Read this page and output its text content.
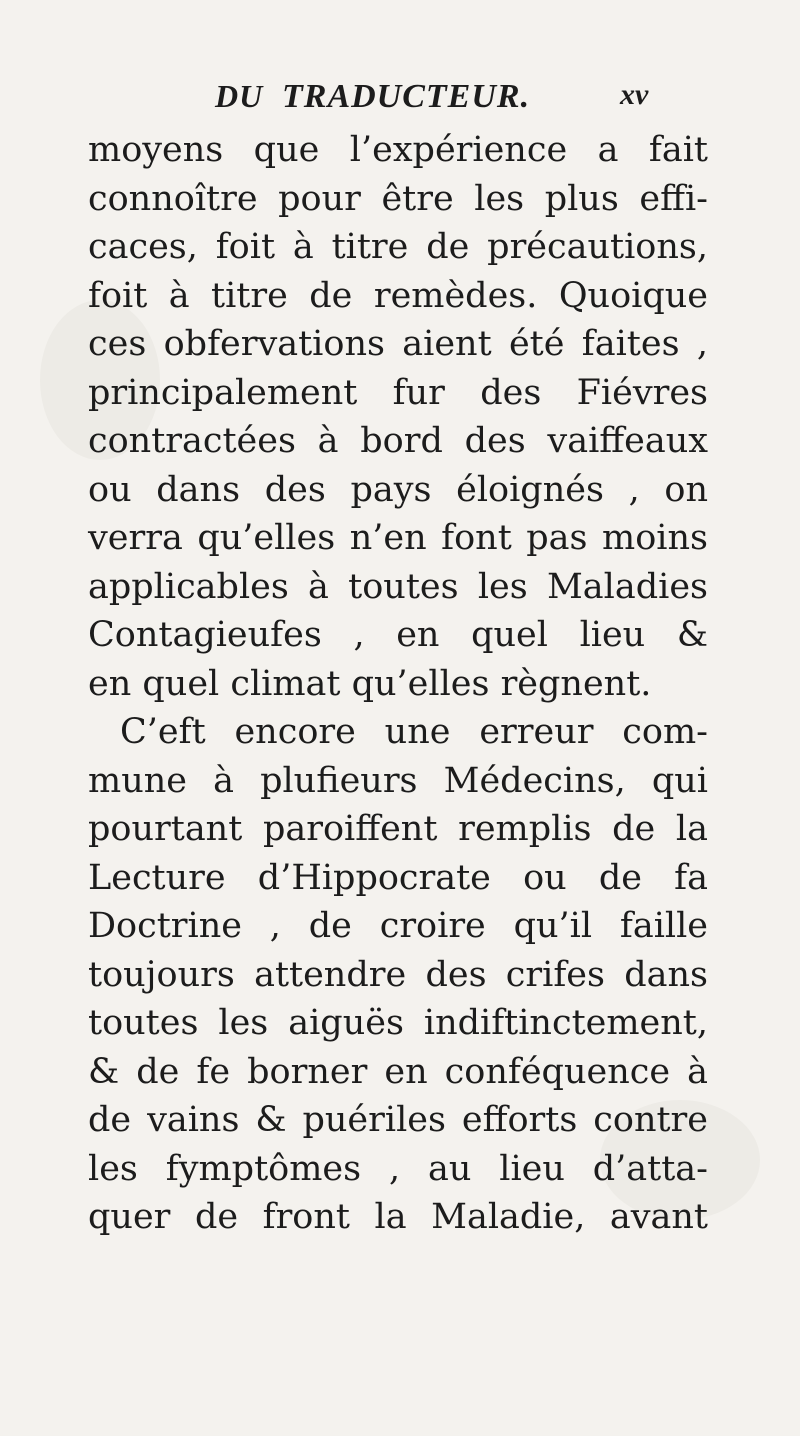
DU TRADUCTEUR.	xv
moyens que l’expérience a fait
connoître pour être les plus effi-
caces, foit à titre de précautions,
foit à titre de remèdes. Quoique
ces obfervations aient été faites ,
principalement fur des Fiévres
contractées à bord des vaiffeaux
ou dans des pays éloignés , on
verra qu’elles n’en font pas moins
applicables à toutes les Maladies
Contagieufes , en quel lieu &
en quel climat qu’elles règnent.
C’eft encore une erreur com-
mune à plufieurs Médecins, qui
pourtant paroiffent remplis de la
Lecture d’Hippocrate ou de fa
Doctrine , de croire qu’il faille
toujours attendre des crifes dans
toutes les aiguës indiftinctement,
& de fe borner en conféquence à
de vains & puériles efforts contre
les fymptômes , au lieu d’atta-
quer de front la Maladie, avant
